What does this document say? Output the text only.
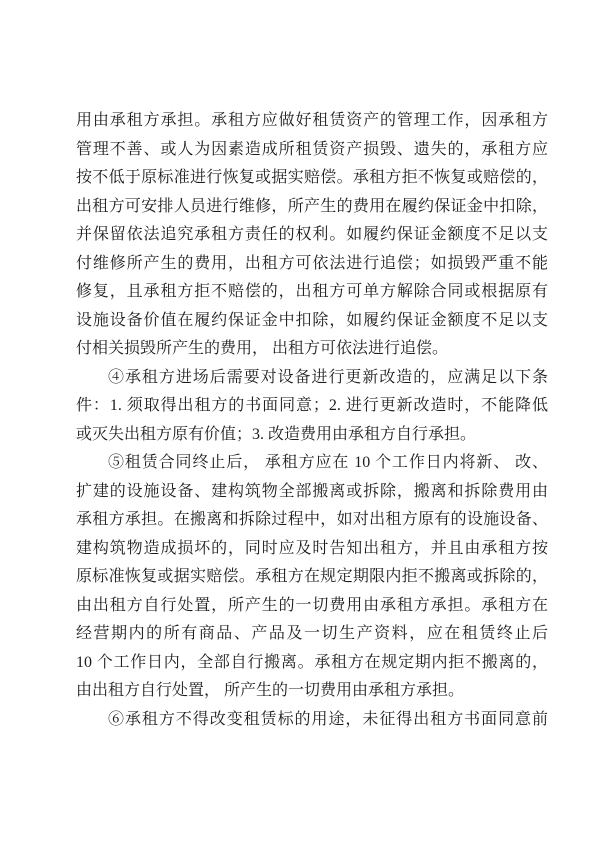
用由承租方承担。承租方应做好租赁资产的管理工作，因承租方
管理不善、或人为因素造成所租赁资产损毁、遗失的，承租方应
按不低于原标准进行恢复或据实赔偿。承租方拒不恢复或赔偿的，
出租方可安排人员进行维修，所产生的费用在履约保证金中扣除，
并保留依法追究承租方责任的权利。如履约保证金额度不足以支
付维修所产生的费用，出租方可依法进行追偿；如损毁严重不能
修复，且承租方拒不赔偿的，出租方可单方解除合同或根据原有
设施设备价值在履约保证金中扣除，如履约保证金额度不足以支
付相关损毁所产生的费用， 出租方可依法进行追偿。
④承租方进场后需要对设备进行更新改造的，应满足以下条
件：1. 须取得出租方的书面同意；2. 进行更新改造时，不能降低
或灭失出租方原有价值；3. 改造费用由承租方自行承担。
⑤租赁合同终止后， 承租方应在 10 个工作日内将新、 改、
扩建的设施设备、建构筑物全部搬离或拆除，搬离和拆除费用由
承租方承担。在搬离和拆除过程中，如对出租方原有的设施设备、
建构筑物造成损坏的，同时应及时告知出租方，并且由承租方按
原标准恢复或据实赔偿。承租方在规定期限内拒不搬离或拆除的，
由出租方自行处置，所产生的一切费用由承租方承担。承租方在
经营期内的所有商品、产品及一切生产资料，应在租赁终止后
10 个工作日内，全部自行搬离。承租方在规定期内拒不搬离的，
由出租方自行处置， 所产生的一切费用由承租方承担。
⑥承租方不得改变租赁标的用途，未征得出租方书面同意前
